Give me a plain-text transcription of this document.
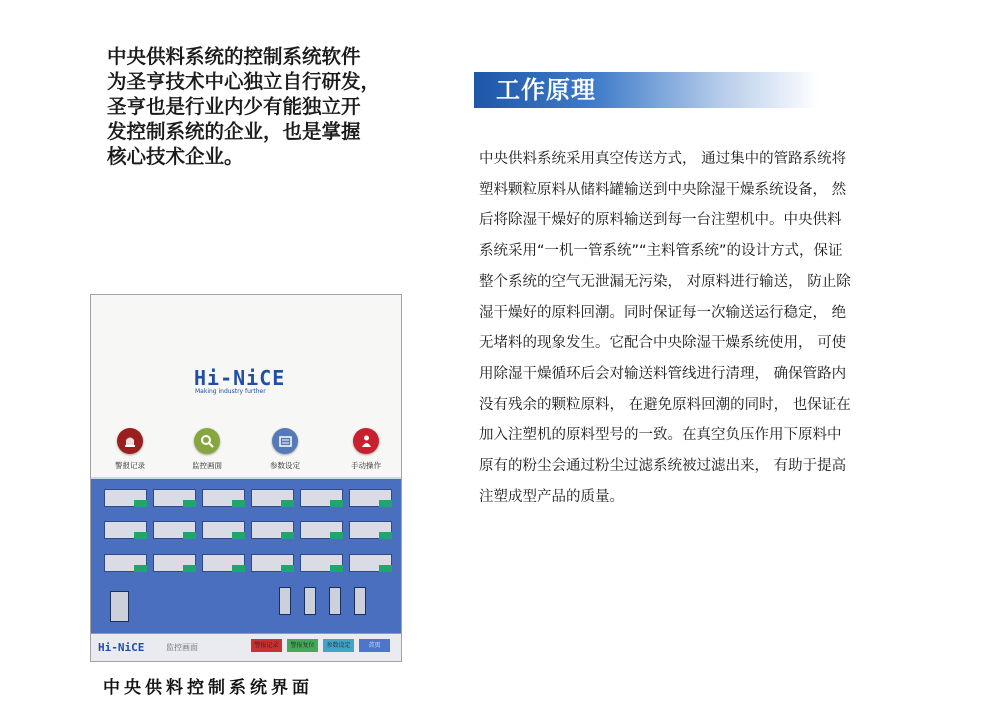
中央供料系统的控制系统软件
为圣亨技术中心独立自行研发，
圣亨也是行业内少有能独立开
发控制系统的企业，也是掌握
核心技术企业。
工作原理
中央供料系统采用真空传送方式， 通过集中的管路系统将
塑料颗粒原料从储料罐输送到中央除湿干燥系统设备， 然
后将除湿干燥好的原料输送到每一台注塑机中。中央供料
系统采用“一机一管系统”“主料管系统”的设计方式，保证
整个系统的空气无泄漏无污染， 对原料进行输送， 防止除
湿干燥好的原料回潮。同时保证每一次输送运行稳定， 绝
无堵料的现象发生。它配合中央除湿干燥系统使用， 可使
用除湿干燥循环后会对输送料管线进行清理， 确保管路内
没有残余的颗粒原料， 在避免原料回潮的同时， 也保证在
加入注塑机的原料型号的一致。在真空负压作用下原料中
原有的粉尘会通过粉尘过滤系统被过滤出来， 有助于提高
注塑成型产品的质量。
Hi-NiCE
Making industry further
警报记录	监控画面	参数设定	手动操作
Hi-NiCE	监控画面	警报记录	警报复位	参数设定	首页
中央供料控制系统界面
